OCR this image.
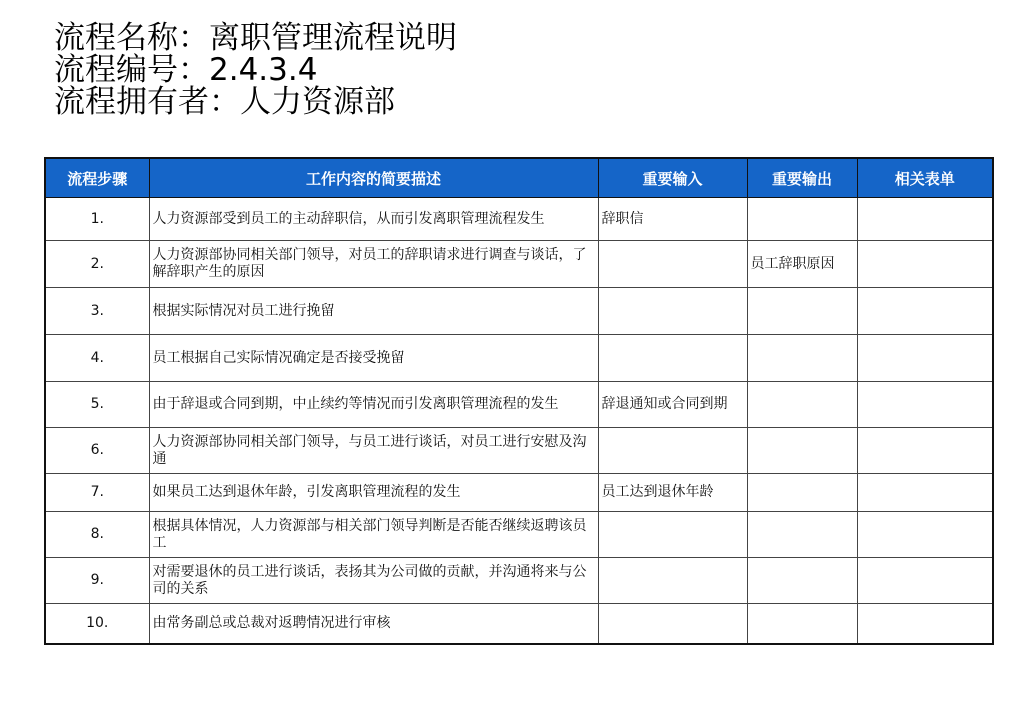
流程名称：离职管理流程说明
流程编号：2.4.3.4
流程拥有者：人力资源部
流程步骤	工作内容的简要描述	重要输入	重要输出	相关表单
1.	人力资源部受到员工的主动辞职信，从而引发离职管理流程发生	辞职信		
2.	人力资源部协同相关部门领导，对员工的辞职请求进行调查与谈话，了解辞职产生的原因		员工辞职原因	
3.	根据实际情况对员工进行挽留			
4.	员工根据自己实际情况确定是否接受挽留			
5.	由于辞退或合同到期，中止续约等情况而引发离职管理流程的发生	辞退通知或合同到期		
6.	人力资源部协同相关部门领导，与员工进行谈话，对员工进行安慰及沟通			
7.	如果员工达到退休年龄，引发离职管理流程的发生	员工达到退休年龄		
8.	根据具体情况，人力资源部与相关部门领导判断是否能否继续返聘该员工			
9.	对需要退休的员工进行谈话，表扬其为公司做的贡献，并沟通将来与公司的关系			
10.	由常务副总或总裁对返聘情况进行审核			
